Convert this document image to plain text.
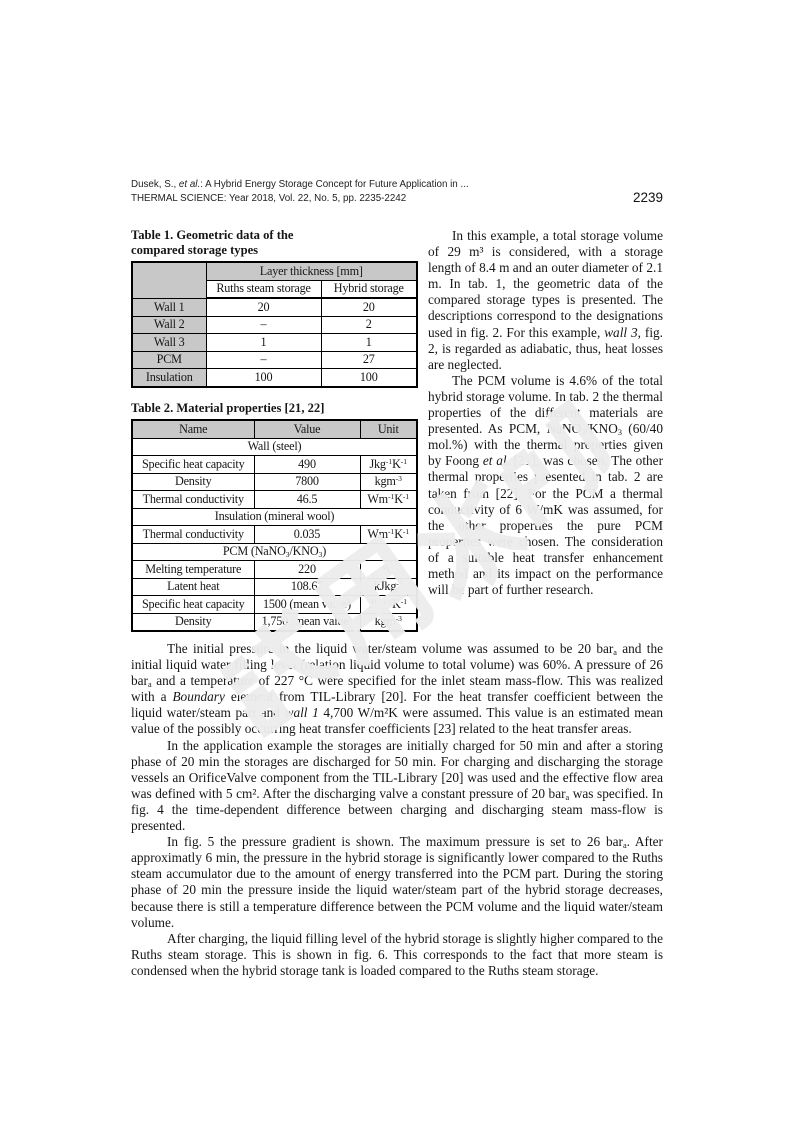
Dusek, S., et al.: A Hybrid Energy Storage Concept for Future Application in ...
THERMAL SCIENCE: Year 2018, Vol. 22, No. 5, pp. 2235-2242	2239
Table 1. Geometric data of the
compared storage types
	Layer thickness [mm]	
	Ruths steam storage	Hybrid storage
Wall 1	20	20
Wall 2	–	2
Wall 3	1	1
PCM	–	27
Insulation	100	100
Table 2. Material properties [21, 22]
Name	Value	Unit
Wall (steel)		
Specific heat capacity	490	$Jkg^{-1}K^{-1}$
Density	7800	kgm$^{-3}$
Thermal conductivity	46.5	$Wm^{-1}K^{-1}$
Insulation (mineral wool)		
Thermal conductivity	0.035	$Wm^{-1}K^{-1}$
PCM (NaNO3/KNO3)		
Melting temperature	220	°C
Latent heat	108.67	kJkg$^{-1}$
Specific heat capacity	1500 (mean value)	$Jkg^{-1}K^{-1}$
Density	1,750 (mean value)	kgm$^{-3}$

In this example, a total storage volume of 29 m³ is considered, with a storage length of 8.4 m and an outer diameter of 2.1 m. In tab. 1, the geometric data of the compared storage types is presented. The descriptions correspond to the designations used in fig. 2. For this example, wall 3, fig. 2, is regarded as adiabatic, thus, heat losses are neglected.

The PCM volume is 4.6% of the total hybrid storage volume. In tab. 2 the thermal properties of the different materials are presented. As PCM, NaNO3/KNO3 (60/40 mol.%) with the thermal properties given by Foong et al. [21], was chosen. The other thermal properties presented in tab. 2 are taken from [22]. For the PCM a thermal conductivity of 6 W/mK was assumed, for the other properties the pure PCM properties were chosen. The consideration of a suitable heat transfer enhancement method and its impact on the performance will be part of further research.

The initial pressure in the liquid water/steam volume was assumed to be 20 bara and the initial liquid water filling level (relation liquid volume to total volume) was 60%. A pressure of 26 bara and a temperature of 227 °C were specified for the inlet steam mass-flow. This was realized with a Boundary element from TIL-Library [20]. For the heat transfer coefficient between the liquid water/steam part and wall 1 4,700 W/m²K were assumed. This value is an estimated mean value of the possibly occurring heat transfer coefficients [23] related to the heat transfer areas.

In the application example the storages are initially charged for 50 min and after a storing phase of 20 min the storages are discharged for 50 min. For charging and discharging the storage vessels an OrificeValve component from the TIL-Library [20] was used and the effective flow area was defined with 5 cm². After the discharging valve a constant pressure of 20 bara was specified. In fig. 4 the time-dependent difference between charging and discharging steam mass-flow is presented.

In fig. 5 the pressure gradient is shown. The maximum pressure is set to 26 bara. After approximatly 6 min, the pressure in the hybrid storage is significantly lower compared to the Ruths steam accumulator due to the amount of energy transferred into the PCM part. During the storing phase of 20 min the pressure inside the liquid water/steam part of the hybrid storage decreases, because there is still a temperature difference between the PCM volume and the liquid water/steam volume.

After charging, the liquid filling level of the hybrid storage is slightly higher compared to the Ruths steam storage. This is shown in fig. 6. This corresponds to the fact that more steam is condensed when the hybrid storage tank is loaded compared to the Ruths steam storage.
